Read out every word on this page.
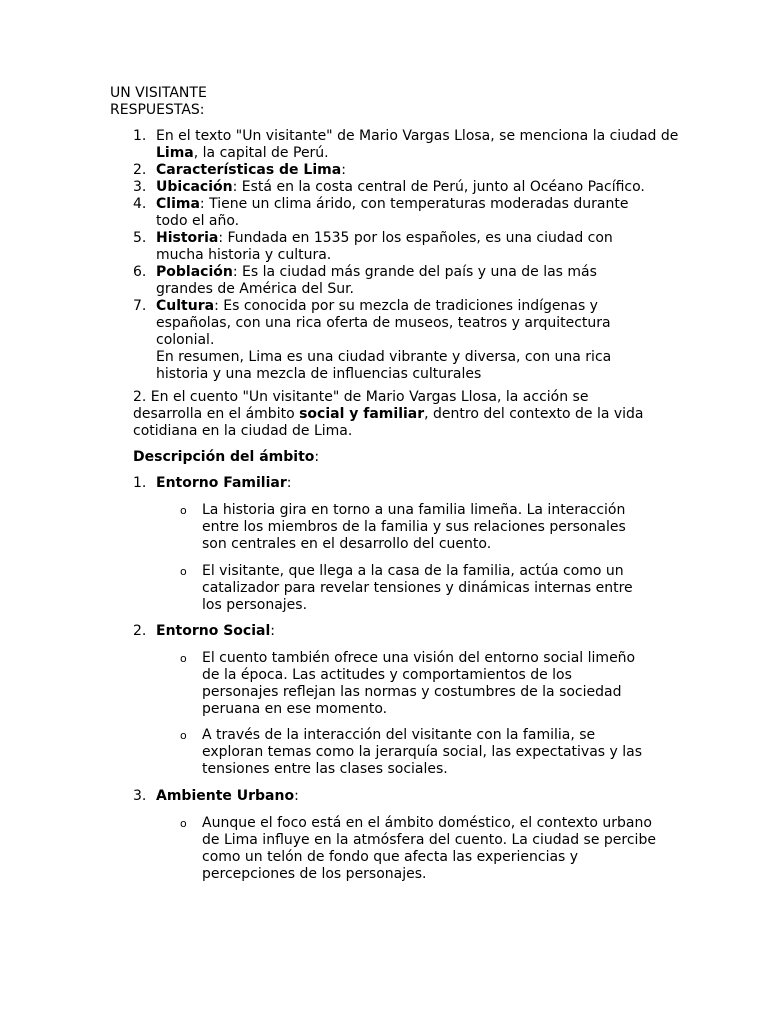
UN VISITANTE
RESPUESTAS:
1. En el texto "Un visitante" de Mario Vargas Llosa, se menciona la ciudad de Lima, la capital de Perú.
2. Características de Lima:
3. Ubicación: Está en la costa central de Perú, junto al Océano Pacífico.
4. Clima: Tiene un clima árido, con temperaturas moderadas durante todo el año.
5. Historia: Fundada en 1535 por los españoles, es una ciudad con mucha historia y cultura.
6. Población: Es la ciudad más grande del país y una de las más grandes de América del Sur.
7. Cultura: Es conocida por su mezcla de tradiciones indígenas y españolas, con una rica oferta de museos, teatros y arquitectura colonial.
En resumen, Lima es una ciudad vibrante y diversa, con una rica historia y una mezcla de influencias culturales
2. En el cuento "Un visitante" de Mario Vargas Llosa, la acción se desarrolla en el ámbito social y familiar, dentro del contexto de la vida cotidiana en la ciudad de Lima.
Descripción del ámbito:
1. Entorno Familiar:
o	La historia gira en torno a una familia limeña. La interacción entre los miembros de la familia y sus relaciones personales son centrales en el desarrollo del cuento.
o	El visitante, que llega a la casa de la familia, actúa como un catalizador para revelar tensiones y dinámicas internas entre los personajes.
2. Entorno Social:
o	El cuento también ofrece una visión del entorno social limeño de la época. Las actitudes y comportamientos de los personajes reflejan las normas y costumbres de la sociedad peruana en ese momento.
o	A través de la interacción del visitante con la familia, se exploran temas como la jerarquía social, las expectativas y las tensiones entre las clases sociales.
3. Ambiente Urbano:
o	Aunque el foco está en el ámbito doméstico, el contexto urbano de Lima influye en la atmósfera del cuento. La ciudad se percibe como un telón de fondo que afecta las experiencias y percepciones de los personajes.
